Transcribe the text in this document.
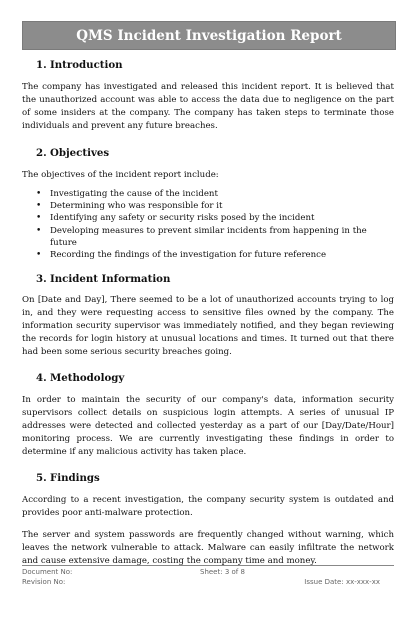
QMS Incident Investigation Report
1. Introduction

The company has investigated and released this incident report. It is believed that the unauthorized account was able to access the data due to negligence on the part of some insiders at the company. The company has taken steps to terminate those individuals and prevent any future breaches.

2. Objectives

The objectives of the incident report include:

• Investigating the cause of the incident
• Determining who was responsible for it
• Identifying any safety or security risks posed by the incident
• Developing measures to prevent similar incidents from happening in the future
• Recording the findings of the investigation for future reference
3. Incident Information

On [Date and Day], There seemed to be a lot of unauthorized accounts trying to log in, and they were requesting access to sensitive files owned by the company. The information security supervisor was immediately notified, and they began reviewing the records for login history at unusual locations and times. It turned out that there had been some serious security breaches going.

4. Methodology

In order to maintain the security of our company's data, information security supervisors collect details on suspicious login attempts. A series of unusual IP addresses were detected and collected yesterday as a part of our [Day/Date/Hour] monitoring process. We are currently investigating these findings in order to determine if any malicious activity has taken place.

5. Findings

According to a recent investigation, the company security system is outdated and provides poor anti-malware protection.

The server and system passwords are frequently changed without warning, which leaves the network vulnerable to attack. Malware can easily infiltrate the network and cause extensive damage, costing the company time and money.

Document No:
Revision No:
Sheet: 3 of 8
Issue Date: xx-xxx-xx
